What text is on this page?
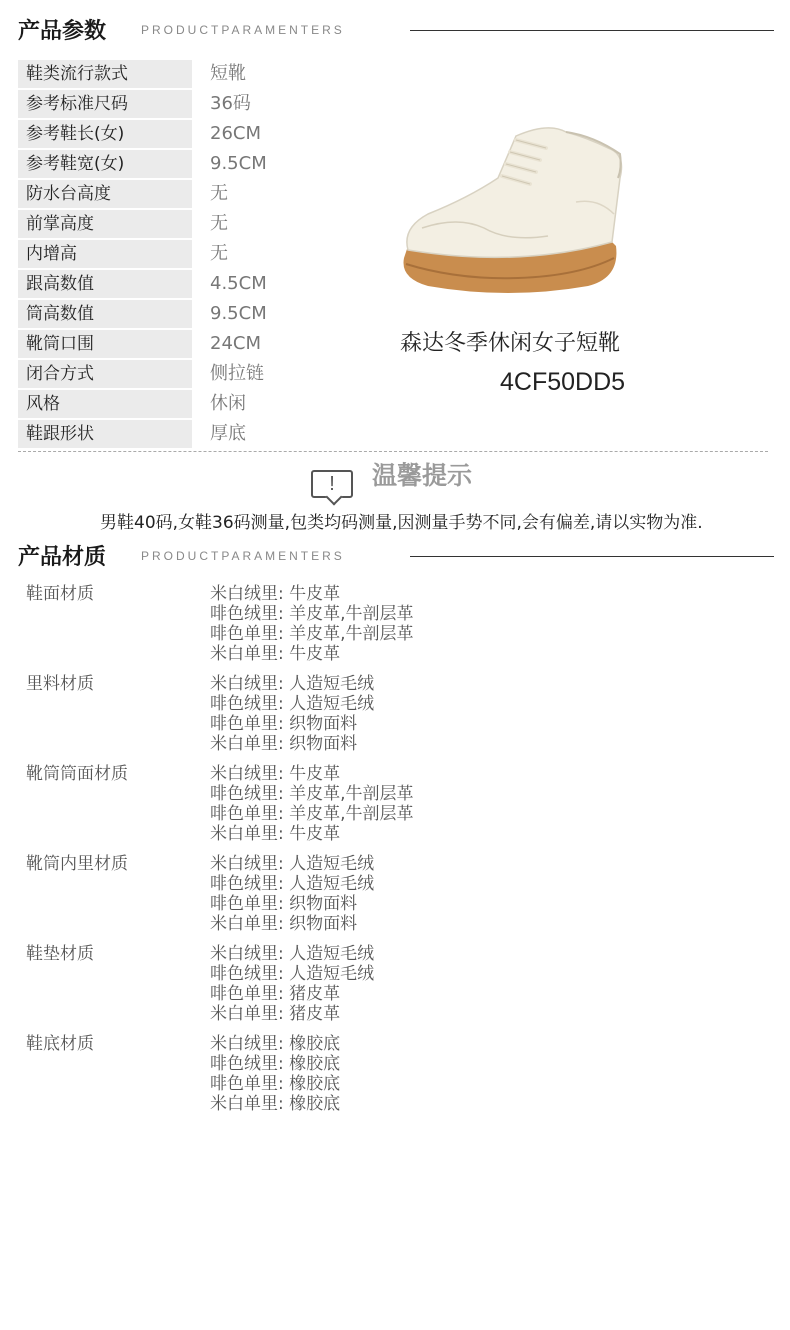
产品参数	PRODUCTPARAMENTERS
鞋类流行款式	短靴
参考标准尺码	36码
参考鞋长(女)	26CM
参考鞋宽(女)	9.5CM
防水台高度	无
前掌高度	无
内增高	无
跟高数值	4.5CM
筒高数值	9.5CM
靴筒口围	24CM
闭合方式	侧拉链
风格	休闲
鞋跟形状	厚底
森达冬季休闲女子短靴
4CF50DD5
!	温馨提示
男鞋40码,女鞋36码测量,包类均码测量,因测量手势不同,会有偏差,请以实物为准.
产品材质	PRODUCTPARAMENTERS
鞋面材质	米白绒里: 牛皮革
啡色绒里: 羊皮革,牛剖层革
啡色单里: 羊皮革,牛剖层革
米白单里: 牛皮革
里料材质	米白绒里: 人造短毛绒
啡色绒里: 人造短毛绒
啡色单里: 织物面料
米白单里: 织物面料
靴筒筒面材质	米白绒里: 牛皮革
啡色绒里: 羊皮革,牛剖层革
啡色单里: 羊皮革,牛剖层革
米白单里: 牛皮革
靴筒内里材质	米白绒里: 人造短毛绒
啡色绒里: 人造短毛绒
啡色单里: 织物面料
米白单里: 织物面料
鞋垫材质	米白绒里: 人造短毛绒
啡色绒里: 人造短毛绒
啡色单里: 猪皮革
米白单里: 猪皮革
鞋底材质	米白绒里: 橡胶底
啡色绒里: 橡胶底
啡色单里: 橡胶底
米白单里: 橡胶底
